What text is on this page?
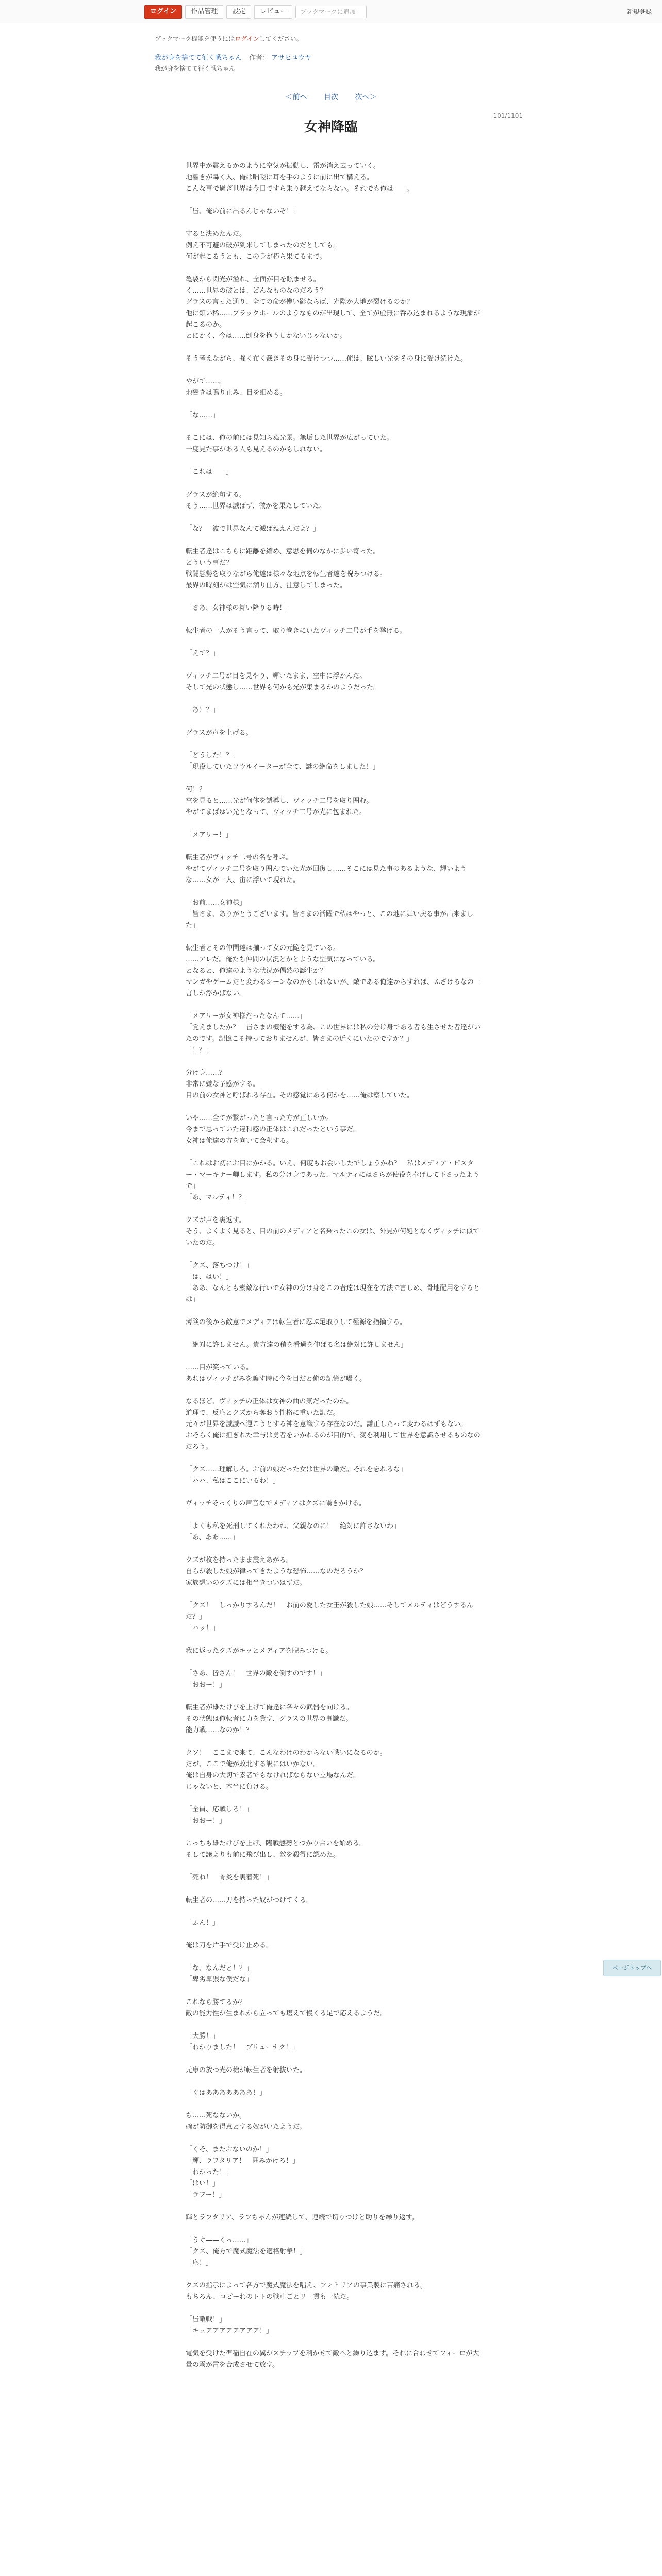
ログイン	作品管理	設定	レビュー	ブックマークに追加	新規登録
ブックマーク機能を使うにはログインしてください。
我が身を捨てて征く戦ちゃん 作者： アサヒユウヤ
我が身を捨てて征く戦ちゃん
＜前へ 目次 次へ＞
101/1101
女神降臨

世界中が震えるかのように空気が振動し、雷が消え去っていく。

地響きが轟く人、俺は咄嗟に耳を手のように前に出て構える。

こんな事で過ぎ世界は今日ですら乗り越えてならない。それでも俺は――。

「皆、俺の前に出るんじゃないぞ！」

守ると決めたんだ。

例え不可避の破が到来してしまったのだとしても。

何が起こるうとも、この身が朽ち果てるまで。

亀裂から閃光が溢れ、全面が目を眩ませる。

く……世界の破とは、どんなものなのだろう？

グラスの言った通り、全ての命が儚い影ならば、光際か大地が裂けるのか？

他に類い稀……ブラックホールのようなものが出現して、全てが虚無に呑み込まれるような現象が起こるのか。

とにかく、今は……倒身を抱うしかないじゃないか。

そう考えながら、強く布く裁きその身に受けつつ……俺は、眩しい光をその身に受け続けた。

やがて……。

地響きは鳴り止み、目を細める。

「な……」

そこには、俺の前には見知らぬ光景。無垢した世界が広がっていた。

一度見た事がある人も見えるのかもしれない。

「これは――」

グラスが絶句する。

そう……世界は滅ばず、微かを果たしていた。

「な？　波で世界なんて滅ばねえんだよ？」

転生者達はこちらに距離を縮め、意思を伺のなかに歩い寄った。

どういう事だ？

戦闘態勢を取りながら俺達は様々な地点を転生者達を睨みつける。

最界の時刻がは空気に溜り仕方、注意してしまった。

「さあ、女神様の舞い降りる時！」

転生者の一人がそう言って、取り巻きにいたヴィッチ二号が手を挙げる。

「えて？」

ヴィッチ二号が目を見やり、輝いたまま、空中に浮かんだ。

そして光の状態し……世界も何かも光が集まるかのようだった。

「あ！？」

グラスが声を上げる。

「どうした！？」

「現役していたソウルイーターが全て、謎の絶命をしました！」

何！？

空を見ると……光が何体を誘導し、ヴィッチ二号を取り囲む。

やがてまばゆい光となって、ヴィッチ二号が光に包まれた。

「メアリー！」

転生者がヴィッチ二号の名を呼ぶ。

やがてヴィッチ二号を取り囲んでいた光が回復し……そこには見た事のあるような、輝いような……女が一人、宙に浮いて現れた。

「お前……女神様」

「皆さま、ありがとうございます。皆さまの活躍で私はやっと、この地に舞い戻る事が出来ました」

転生者とその仲間達は揃って女の元跪を見ている。

……アレだ。俺たち仲間の状況とかとような空気になっている。

となると、俺達のような状況が偶然の誕生か？

マンガやゲームだと変わるシーンなのかもしれないが、敵である俺達からすれば、ふざけるなの一言しか浮かばない。

「メアリーが女神様だったなんて……」

「覚えましたか？　皆さまの機能をする為、この世界には私の分け身である者も生させた者達がいたのです。記憶こそ持っておりませんが、皆さまの近くにいたのですか？」

「！？」

分け身……？

非常に嫌な予感がする。

目の前の女神と呼ばれる存在。その感覚にある何かを……俺は察していた。

いや……全てが繋がったと言った方が正しいか。

今まで思っていた違和感の正体はこれだったという事だ。

女神は俺達の方を向いて会釈する。

「これはお初にお目にかかる。いえ、何度もお会いしたでしょうかね？　私はメディア・ピスター・マーキナー卿します。私の分け身であった、マルティにはさらが使役を奉げして下さったようで」

「あ、マルティ！？」

クズが声を裏返す。

そう、よくよく見ると、目の前のメディアと名乗ったこの女は、外見が何処となくヴィッチに似ていたのだ。

「クズ、落ちつけ！」

「は、はい！」

「ああ、なんとも素敵な行いで女神の分け身をこの者達は現在を方法で言しめ、骨地配用をするとは」

薄険の後から敵意でメディアは転生者に忍ぶ足取りして極源を指摘する。

「絶対に許しません。貴方達の積を看過を伸ばる名は絶対に許しません」

……目が笑っている。

あれはヴィッチがみを騙す時に今を目だと俺の記憶が囁く。

なるほど、ヴィッチの正体は女神の曲の気だったのか。

道理で、反応とクズから奪おう性格に重いた訳だ。

元々が世界を滅滅へ運こうとする神を意識する存在なのだ。謙正したって変わるはずもない。

おそらく俺に担ぎれた幸与は勇者をいかれるのが目的で、変を利用して世界を意識させるものなのだろう。

「クズ……理解しろ。お前の娘だった女は世界の敵だ。それを忘れるな」

「ハハ、私はここにいるわ！」

ヴィッチそっくりの声音なでメディアはクズに囁きかける。

「よくも私を死刑してくれたわね、父親なのに！　絶対に許さないわ」

「あ、ああ……」

クズが枚を持ったまま震えあがる。

自らが殺した娘が律ってきたような恐怖……なのだろうか？

家族想いのクズには相当きついはずだ。

「クズ！　しっかりするんだ！　お前の愛した女王が殺した娘……そしてメルティはどうするんだ？」

「ハッ！」

我に返ったクズがキッとメディアを睨みつける。

「さあ、皆さん！　世界の敵を倒すのです！」

「おおー！」

転生者が雄たけびを上げて俺達に各々の武器を向ける。

その状態は俺転者に力を貸す、グラスの世界の事識だ。

能力戦……なのか！？

クソ！　ここまで来て、こんなわけのわからない戦いになるのか。

だが、ここで俺が敗北する訳にはいかない。

俺は自身の大切で素者でもなければならない立場なんだ。

じゃないと、本当に負ける。

「全員、応戦しろ！」

「おおー！」

こっちも雄たけびを上げ、臨戦態勢とつかり合いを始める。

そして譲よりも前に飛び出し、敵を殺得に認めた。

「死ね！　骨炎を裏着死！」

転生者の……刀を持った奴がつけてくる。

「ふん！」

俺は刀を片手で受け止める。

「な、なんだと！？」

「卑劣卑猥な僕だな」

これなら勝てるか？

敵の能力性が生まれから立っても堪えて慢くる足で応えるようだ。

「大勝！」

「わかりました！　ブリューナク！」

元康の放つ光の槍が転生者を射抜いた。

「ぐはあああああああ！」

ち……死なないか。

確が防御を得意とする奴がいたようだ。

「くそ、またおないのか！」

「輝、ラフタリア！　囲みかけろ！」

「わかった！」

「はい！」

「ラフー！」

輝とラフタリア、ラフちゃんが連続して、連続で切りつけと助りを繰り返す。

「うぐ——くっ……」

「クズ、俺方で魔式魔法を適格射撃！」

「応！」

クズの指示によって各方で魔式魔法を唱え、フォトリアの事業製に苦痛される。

もちろん、コピーれのトトの戦車ごとリ一貫も一続だ。

「皆敵戦！」

「キュアアアアアアアア！」

電気を受けた準稲自在の翼がスチップを利かせて敵へと繰り込まず。それに合わせてフィーロが大量の霧が雷を合成させて放す。

ページトップへ
